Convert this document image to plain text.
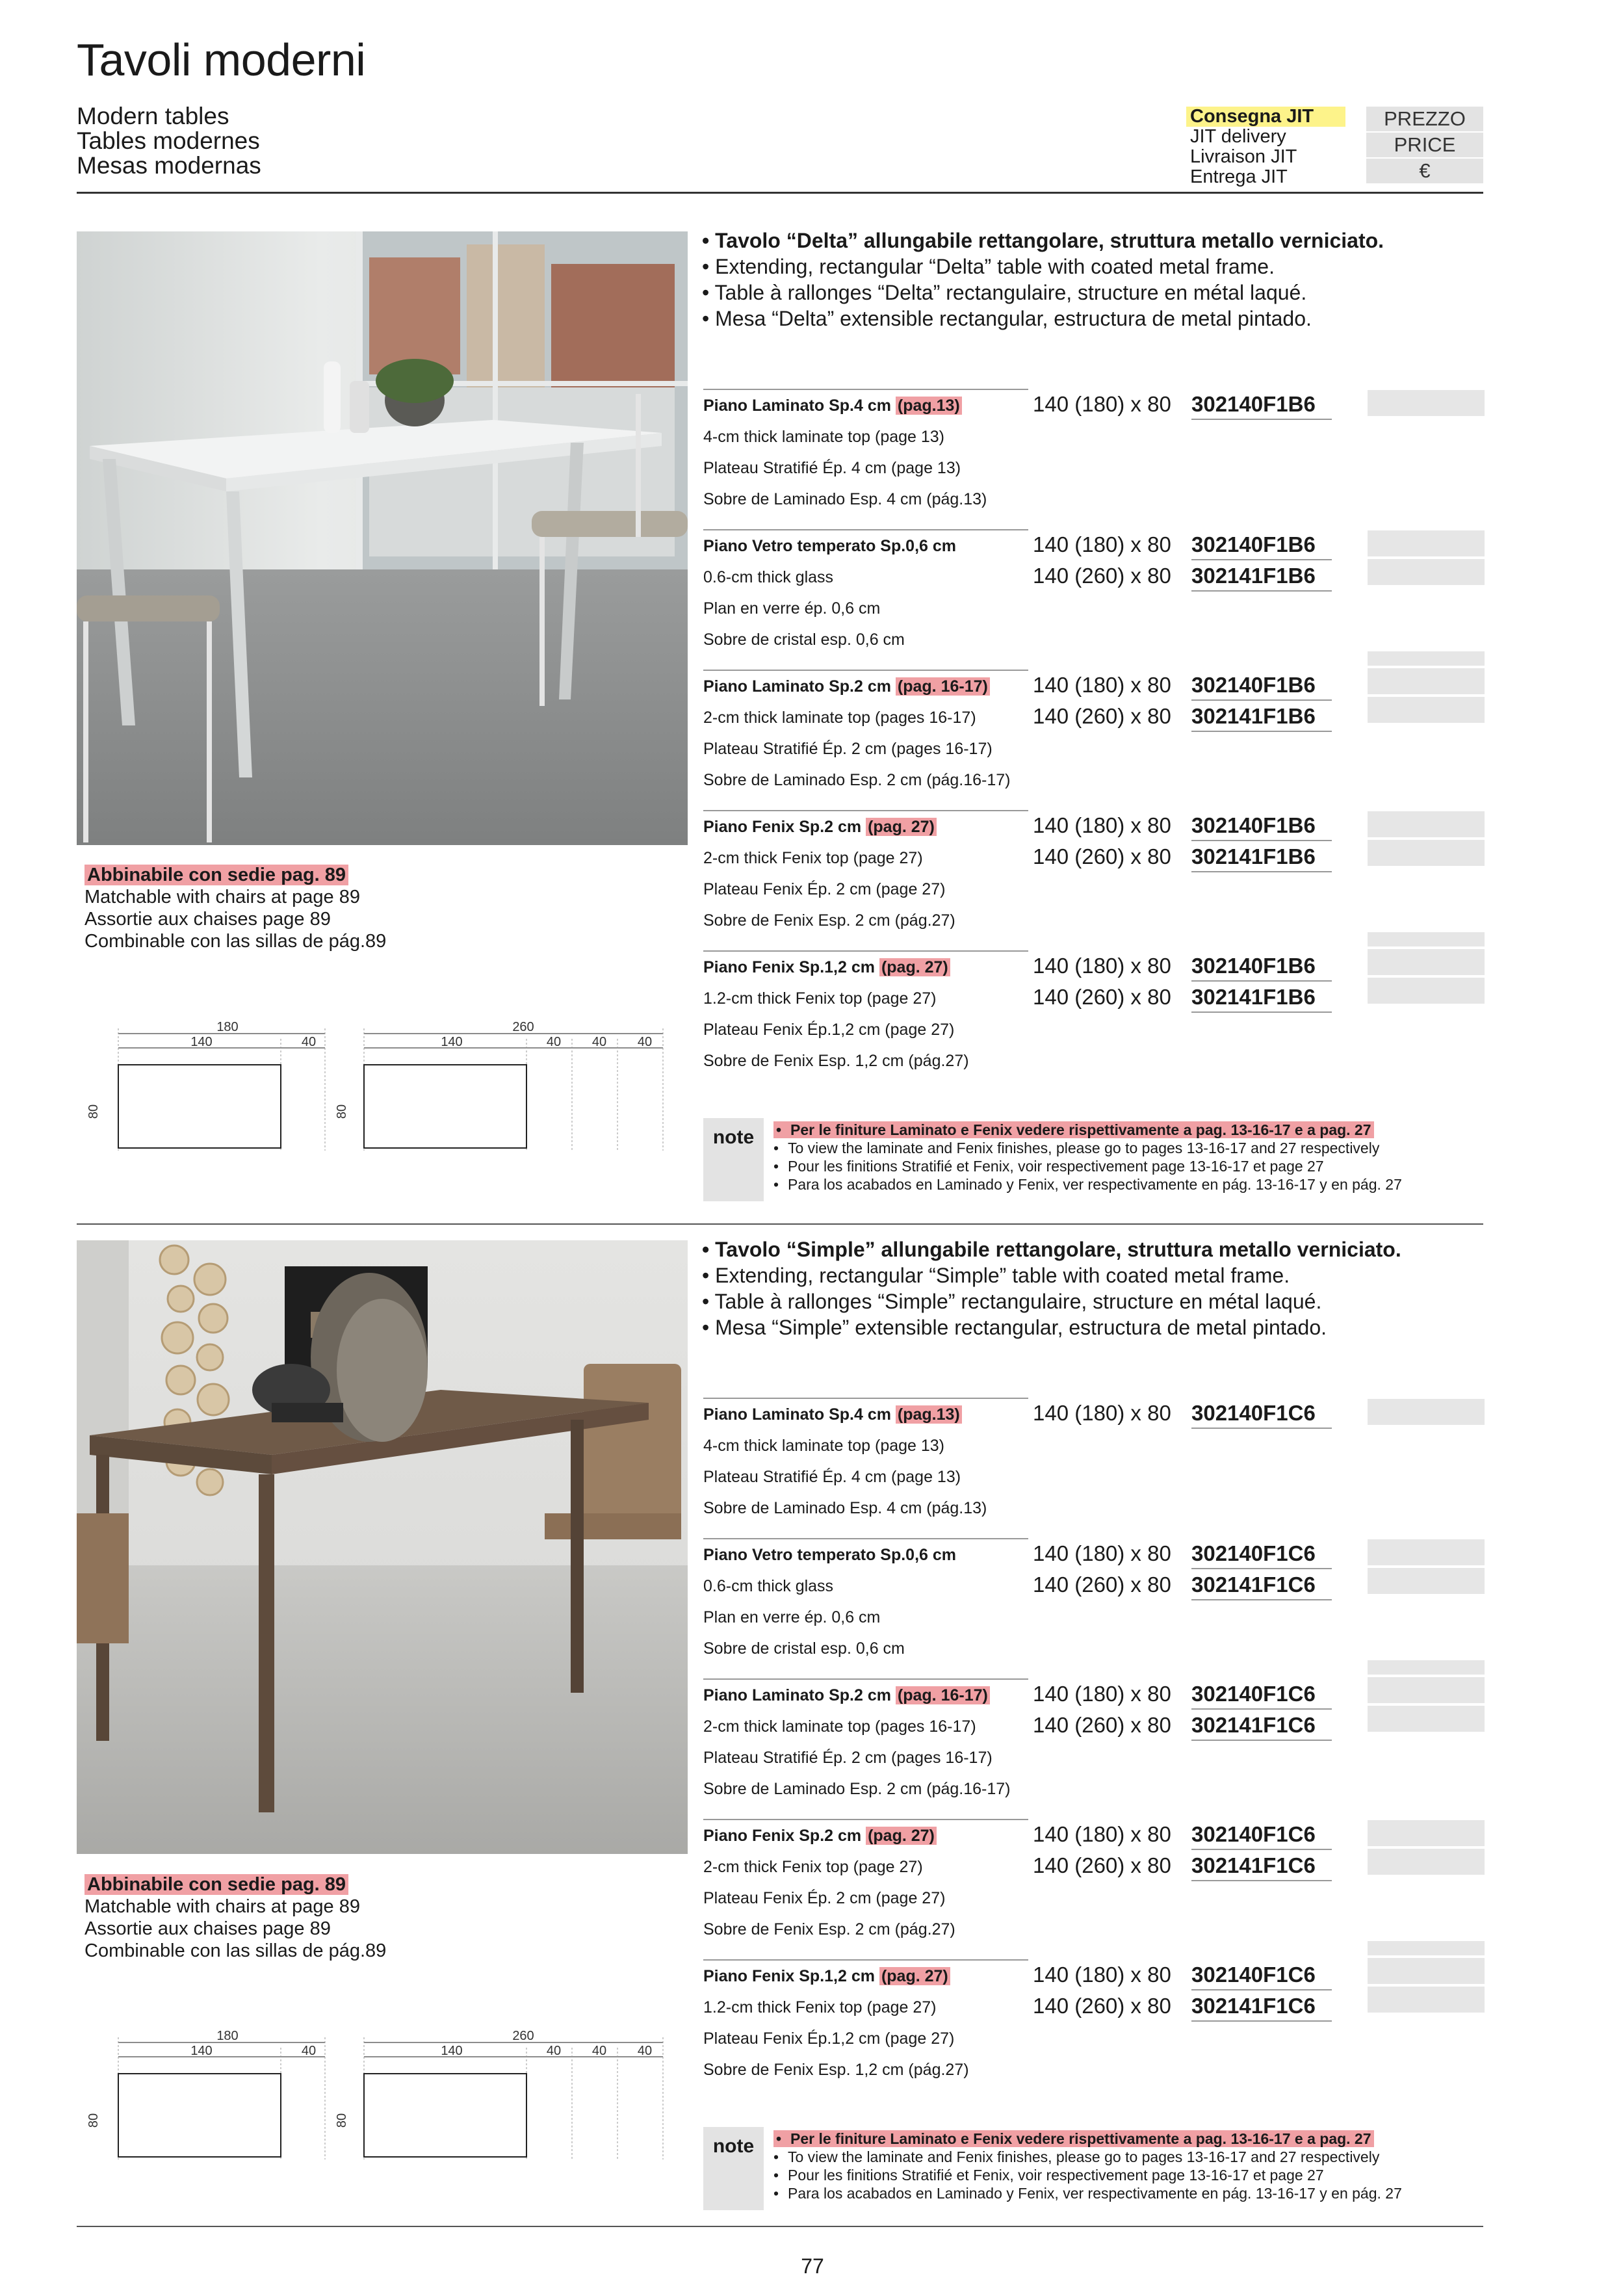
Tavoli moderni
Modern tables
Tables modernes
Mesas modernas
Consegna JIT
JIT delivery
Livraison JIT
Entrega JIT
PREZZO
PRICE
€
Abbinabile con sedie pag. 89
Matchable with chairs at page 89
Assortie aux chaises page 89
Combinable con las sillas de pág.89
180
140	40
80
260
140	40 40 40
80
• Tavolo “Delta” allungabile rettangolare, struttura metallo verniciato.
• Extending, rectangular “Delta” table with coated metal frame.
• Table à rallonges “Delta” rectangulaire, structure en métal laqué.
• Mesa “Delta” extensible rectangular, estructura de metal pintado.
Piano Laminato Sp.4 cm (pag.13)
4-cm thick laminate top (page 13)
Plateau Stratifié Ép. 4 cm (page 13)
Sobre de Laminado Esp. 4 cm (pág.13)
140 (180) x 80 302140F1B6
Piano Vetro temperato Sp.0,6 cm
0.6-cm thick glass
Plan en verre ép. 0,6 cm
Sobre de cristal esp. 0,6 cm
140 (180) x 80 302140F1B6
140 (260) x 80 302141F1B6
Piano Laminato Sp.2 cm (pag. 16-17)
2-cm thick laminate top (pages 16-17)
Plateau Stratifié Ép. 2 cm (pages 16-17)
Sobre de Laminado Esp. 2 cm (pág.16-17)
140 (180) x 80 302140F1B6
140 (260) x 80 302141F1B6
Piano Fenix Sp.2 cm (pag. 27)
2-cm thick Fenix top (page 27)
Plateau Fenix Ép. 2 cm (page 27)
Sobre de Fenix Esp. 2 cm (pág.27)
140 (180) x 80 302140F1B6
140 (260) x 80 302141F1B6
Piano Fenix Sp.1,2 cm (pag. 27)
1.2-cm thick Fenix top (page 27)
Plateau Fenix Ép.1,2 cm (page 27)
Sobre de Fenix Esp. 1,2 cm (pág.27)
140 (180) x 80 302140F1B6
140 (260) x 80 302141F1B6
note	• Per le finiture Laminato e Fenix vedere rispettivamente a pag. 13-16-17 e a pag. 27
• To view the laminate and Fenix finishes, please go to pages 13-16-17 and 27 respectively
• Pour les finitions Stratifié et Fenix, voir respectivement page 13-16-17 et page 27
• Para los acabados en Laminado y Fenix, ver respectivamente en pág. 13-16-17 y en pág. 27
Abbinabile con sedie pag. 89
Matchable with chairs at page 89
Assortie aux chaises page 89
Combinable con las sillas de pág.89
180
140	40
80
260
140	40 40 40
80
• Tavolo “Simple” allungabile rettangolare, struttura metallo verniciato.
• Extending, rectangular “Simple” table with coated metal frame.
• Table à rallonges “Simple” rectangulaire, structure en métal laqué.
• Mesa “Simple” extensible rectangular, estructura de metal pintado.
Piano Laminato Sp.4 cm (pag.13)
4-cm thick laminate top (page 13)
Plateau Stratifié Ép. 4 cm (page 13)
Sobre de Laminado Esp. 4 cm (pág.13)
140 (180) x 80 302140F1C6
Piano Vetro temperato Sp.0,6 cm
0.6-cm thick glass
Plan en verre ép. 0,6 cm
Sobre de cristal esp. 0,6 cm
140 (180) x 80 302140F1C6
140 (260) x 80 302141F1C6
Piano Laminato Sp.2 cm (pag. 16-17)
2-cm thick laminate top (pages 16-17)
Plateau Stratifié Ép. 2 cm (pages 16-17)
Sobre de Laminado Esp. 2 cm (pág.16-17)
140 (180) x 80 302140F1C6
140 (260) x 80 302141F1C6
Piano Fenix Sp.2 cm (pag. 27)
2-cm thick Fenix top (page 27)
Plateau Fenix Ép. 2 cm (page 27)
Sobre de Fenix Esp. 2 cm (pág.27)
140 (180) x 80 302140F1C6
140 (260) x 80 302141F1C6
Piano Fenix Sp.1,2 cm (pag. 27)
1.2-cm thick Fenix top (page 27)
Plateau Fenix Ép.1,2 cm (page 27)
Sobre de Fenix Esp. 1,2 cm (pág.27)
140 (180) x 80 302140F1C6
140 (260) x 80 302141F1C6
note	• Per le finiture Laminato e Fenix vedere rispettivamente a pag. 13-16-17 e a pag. 27
• To view the laminate and Fenix finishes, please go to pages 13-16-17 and 27 respectively
• Pour les finitions Stratifié et Fenix, voir respectivement page 13-16-17 et page 27
• Para los acabados en Laminado y Fenix, ver respectivamente en pág. 13-16-17 y en pág. 27
77
